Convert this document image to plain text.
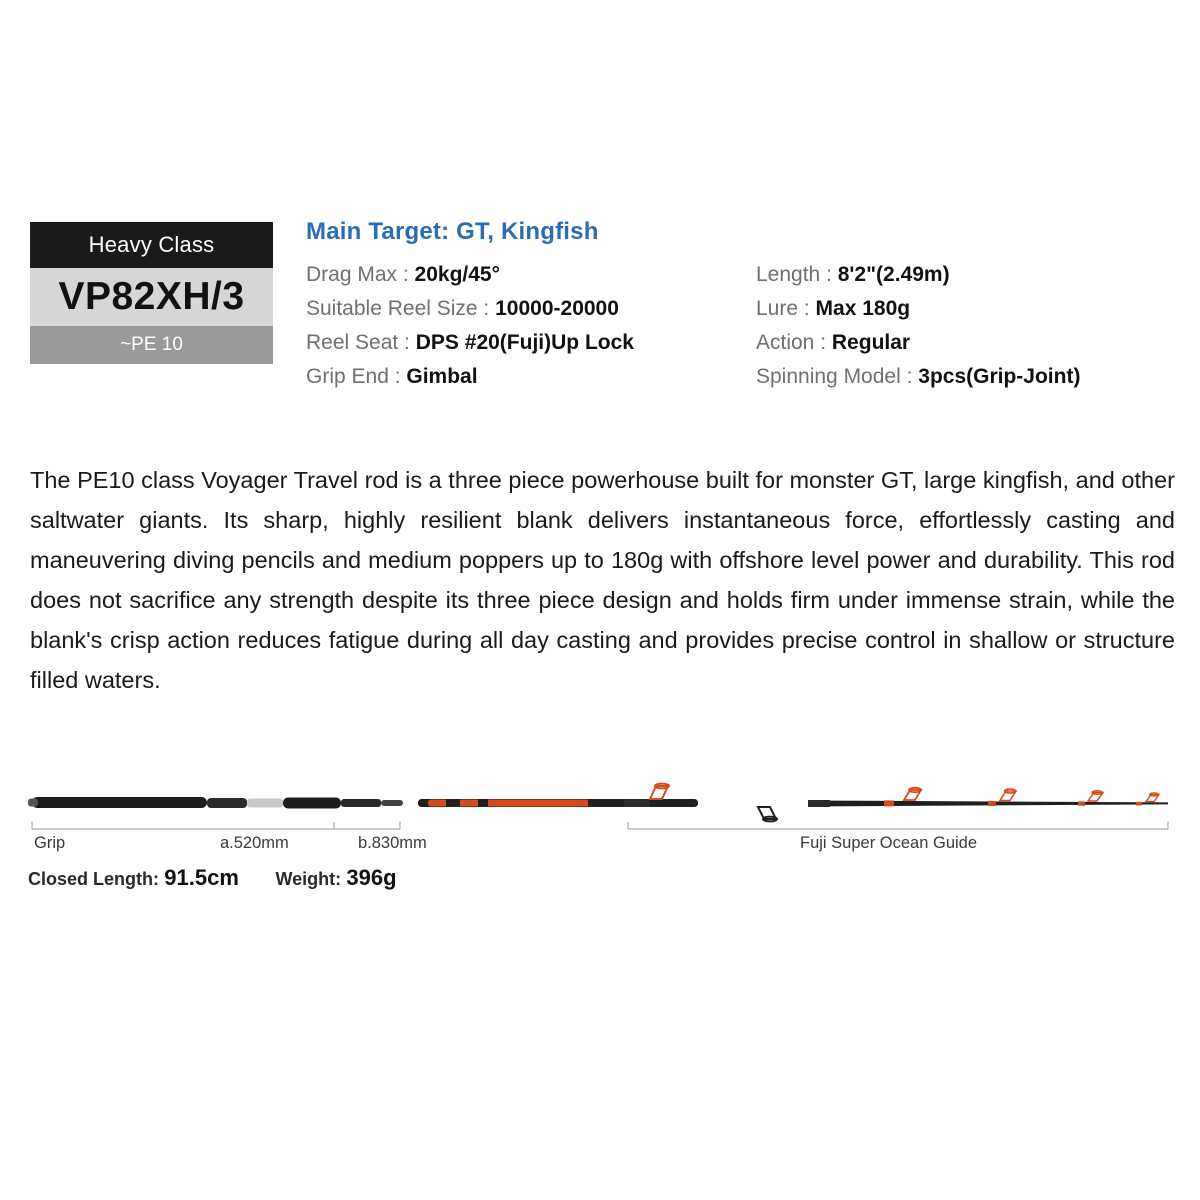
Heavy Class
VP82XH/3
~PE 10
Main Target: GT, Kingfish
Drag Max : 20kg/45°
Suitable Reel Size : 10000-20000
Reel Seat : DPS #20(Fuji)Up Lock
Grip End : Gimbal
Length : 8'2"(2.49m)
Lure : Max 180g
Action : Regular
Spinning Model : 3pcs(Grip-Joint)
The PE10 class Voyager Travel rod is a three piece powerhouse built for monster GT, large kingfish, and other saltwater giants. Its sharp, highly resilient blank delivers instantaneous force, effortlessly casting and maneuvering diving pencils and medium poppers up to 180g with offshore level power and durability. This rod does not sacrifice any strength despite its three piece design and holds firm under immense strain, while the blank's crisp action reduces fatigue during all day casting and provides precise control in shallow or structure filled waters.
Grip	a.520mm	b.830mm	Fuji Super Ocean Guide
Closed Length: 91.5cm Weight: 396g
